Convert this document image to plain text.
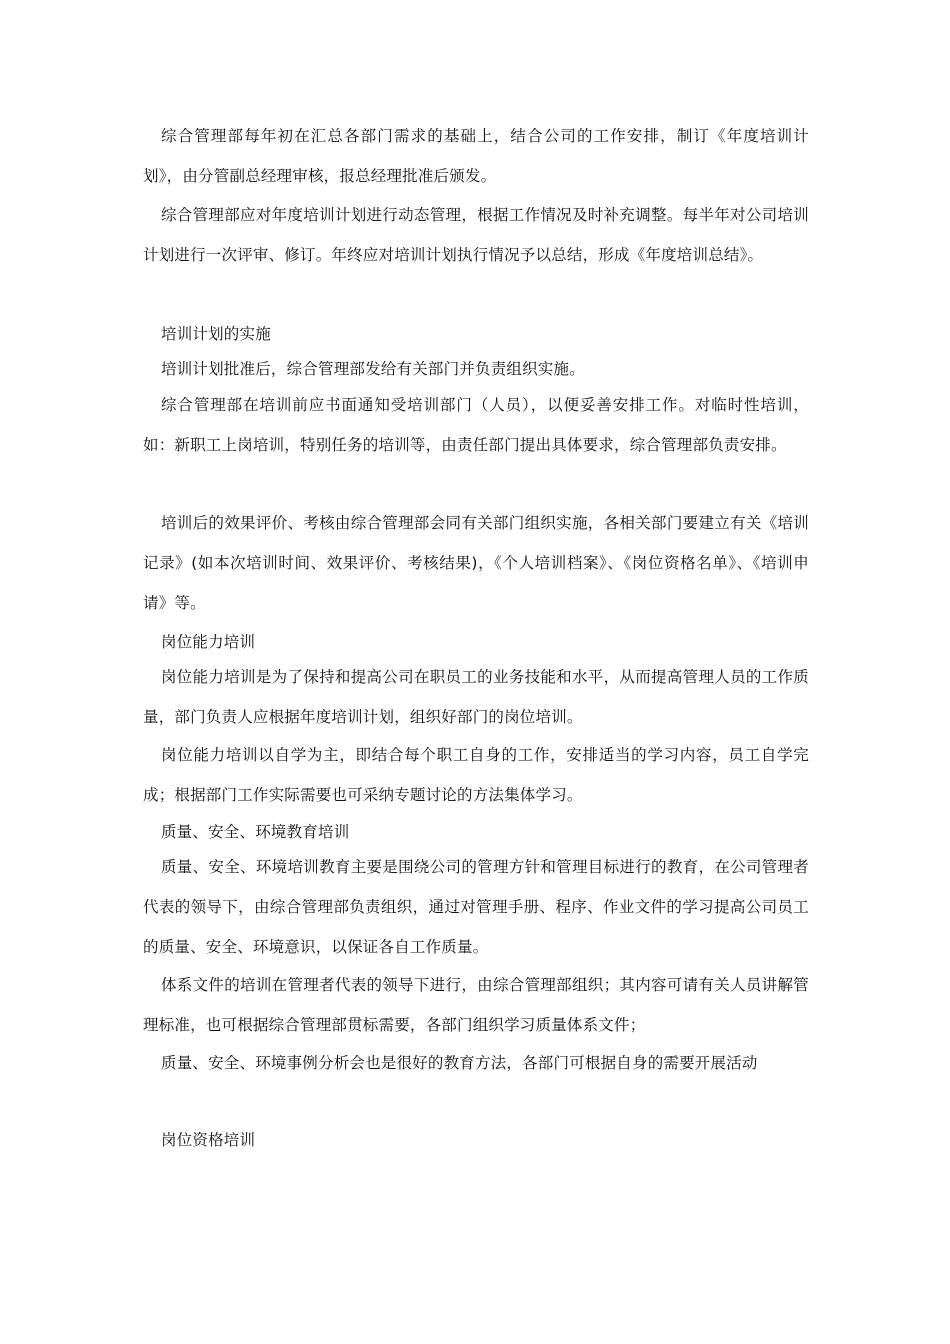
综合管理部每年初在汇总各部门需求的基础上，结合公司的工作安排，制订《年度培训计划》，由分管副总经理审核，报总经理批准后颁发。

综合管理部应对年度培训计划进行动态管理，根据工作情况及时补充调整。每半年对公司培训计划进行一次评审、修订。年终应对培训计划执行情况予以总结，形成《年度培训总结》。

培训计划的实施

培训计划批准后，综合管理部发给有关部门并负责组织实施。

综合管理部在培训前应书面通知受培训部门（人员），以便妥善安排工作。对临时性培训，如：新职工上岗培训，特别任务的培训等，由责任部门提出具体要求，综合管理部负责安排。

培训后的效果评价、考核由综合管理部会同有关部门组织实施，各相关部门要建立有关《培训记录》(如本次培训时间、效果评价、考核结果)，《个人培训档案》、《岗位资格名单》、《培训申请》等。

岗位能力培训

岗位能力培训是为了保持和提高公司在职员工的业务技能和水平，从而提高管理人员的工作质量，部门负责人应根据年度培训计划，组织好部门的岗位培训。

岗位能力培训以自学为主，即结合每个职工自身的工作，安排适当的学习内容，员工自学完成；根据部门工作实际需要也可采纳专题讨论的方法集体学习。

质量、安全、环境教育培训

质量、安全、环境培训教育主要是围绕公司的管理方针和管理目标进行的教育，在公司管理者代表的领导下，由综合管理部负责组织，通过对管理手册、程序、作业文件的学习提高公司员工的质量、安全、环境意识，以保证各自工作质量。

体系文件的培训在管理者代表的领导下进行，由综合管理部组织；其内容可请有关人员讲解管理标准，也可根据综合管理部贯标需要，各部门组织学习质量体系文件；

质量、安全、环境事例分析会也是很好的教育方法，各部门可根据自身的需要开展活动

岗位资格培训
